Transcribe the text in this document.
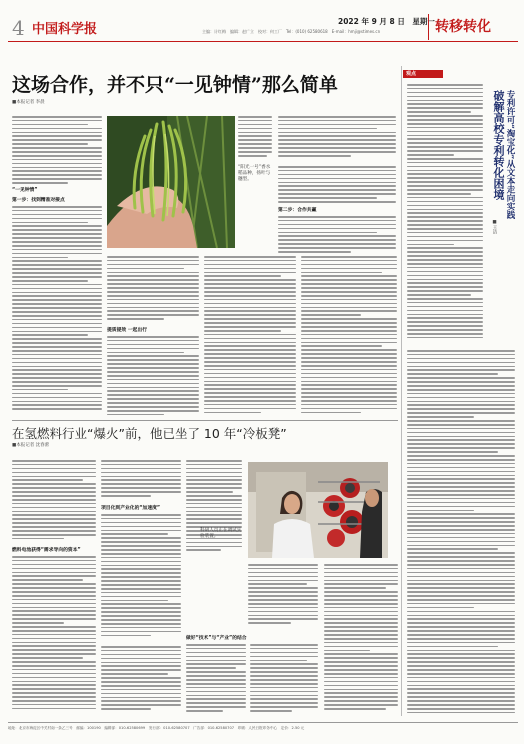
4 中国科学报
2022 年 9 月 8 日　星期一
主编：计红梅　编辑：赵广立　校对：何工厂　Tel：(010) 62580618　E-mail：hmji@stimes.cn	转移转化
这场合作，并不只“一见钟情”那么简单
■本报记者 李晨
“一见钟情”
第一步：找到精准对接点
“阳光一号”香水稻品种，扬叶与穗型。
第二步：合作共赢
提质提效 一起出行
在氢燃料行业“爆火”前，他已坐了 10 年“冷板凳”
■本报记者 沈春蕾
燃料电池获得“需求导向的资本”
项目化到产业化的“加速度”
科研人员正在调试实验装置。
做好“技术”与“产业”的结合
观点
破解高校专利转化困境 专利许可“淘宝化”从文本走向实践
■王洁
地址：北京市海淀区中关村南一条乙三号　邮编：100190　编辑部：010-62580699　发行部：010-62580707　广告部：010-62580707　印刷：人民日报印务中心　定价：2.50 元
